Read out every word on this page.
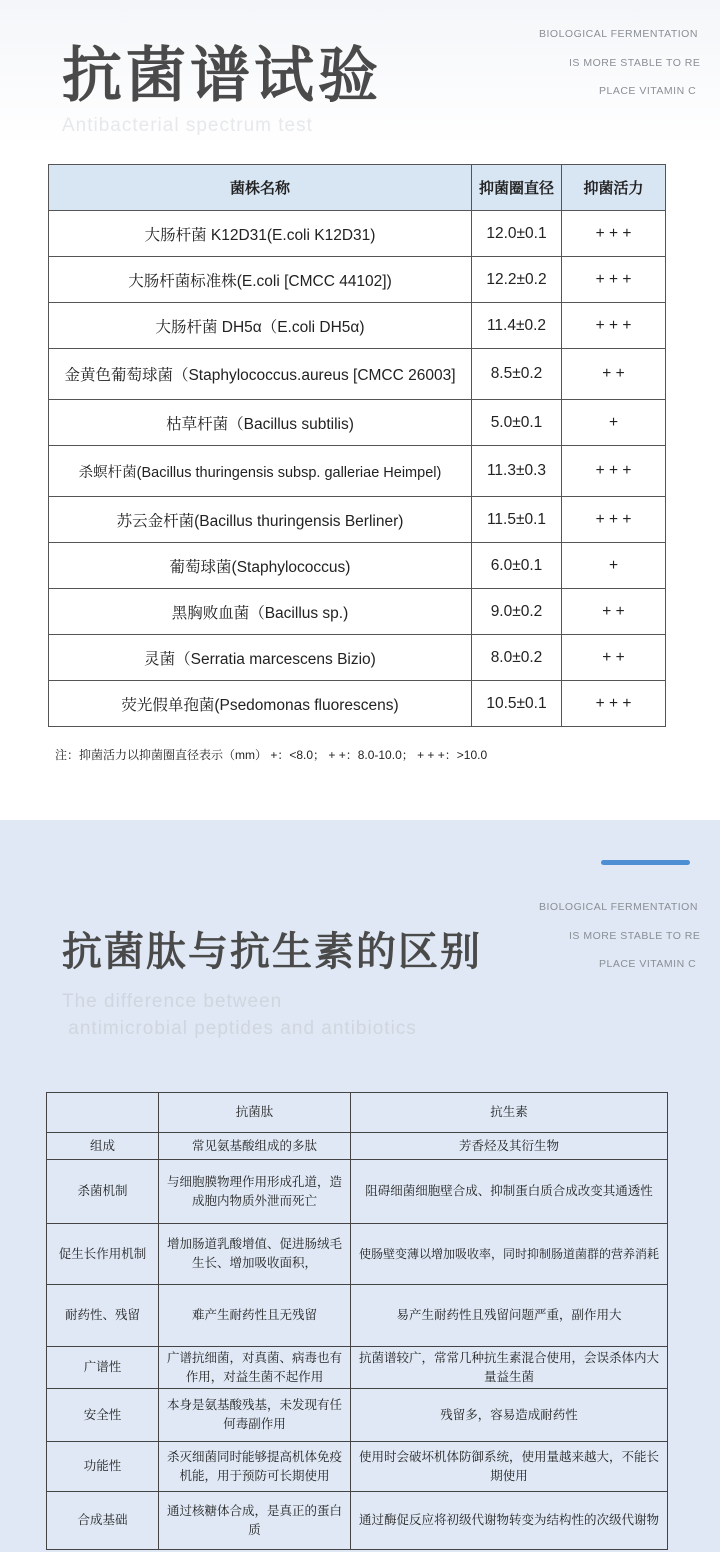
抗菌谱试验
Antibacterial spectrum test
BIOLOGICAL FERMENTATION
IS MORE STABLE TO RE
PLACE VITAMIN C
菌株名称	抑菌圈直径	抑菌活力
大肠杆菌 K12D31(E.coli K12D31)	12.0±0.1	+ + +
大肠杆菌标准株(E.coli [CMCC 44102])	12.2±0.2	+ + +
大肠杆菌 DH5α（E.coli DH5α)	11.4±0.2	+ + +
金黄色葡萄球菌（Staphylococcus.aureus [CMCC 26003]	8.5±0.2	+ +
枯草杆菌（Bacillus subtilis)	5.0±0.1	+
杀螟杆菌(Bacillus thuringensis subsp. galleriae Heimpel)	11.3±0.3	+ + +
苏云金杆菌(Bacillus thuringensis Berliner)	11.5±0.1	+ + +
葡萄球菌(Staphylococcus)	6.0±0.1	+
黑胸败血菌（Bacillus sp.)	9.0±0.2	+ +
灵菌（Serratia marcescens Bizio)	8.0±0.2	+ +
荧光假单孢菌(Psedomonas fluorescens)	10.5±0.1	+ + +
注：抑菌活力以抑菌圈直径表示（mm） +：<8.0； + +：8.0-10.0； + + +：>10.0
BIOLOGICAL FERMENTATION
IS MORE STABLE TO RE
PLACE VITAMIN C
抗菌肽与抗生素的区别
The difference between
antimicrobial peptides and antibiotics
	抗菌肽	抗生素
组成	常见氨基酸组成的多肽	芳香烃及其衍生物
杀菌机制	与细胞膜物理作用形成孔道，造成胞内物质外泄而死亡	阻碍细菌细胞壁合成、抑制蛋白质合成改变其通透性
促生长作用机制	增加肠道乳酸增值、促进肠绒毛生长、增加吸收面积，	使肠壁变薄以增加吸收率，同时抑制肠道菌群的营养消耗
耐药性、残留	难产生耐药性且无残留	易产生耐药性且残留问题严重，副作用大
广谱性	广谱抗细菌，对真菌、病毒也有作用，对益生菌不起作用	抗菌谱较广，常常几种抗生素混合使用，会误杀体内大量益生菌
安全性	本身是氨基酸残基，未发现有任何毒副作用	残留多，容易造成耐药性
功能性	杀灭细菌同时能够提高机体免疫机能，用于预防可长期使用	使用时会破坏机体防御系统，使用量越来越大，不能长期使用
合成基础	通过核糖体合成，是真正的蛋白质	通过酶促反应将初级代谢物转变为结构性的次级代谢物
